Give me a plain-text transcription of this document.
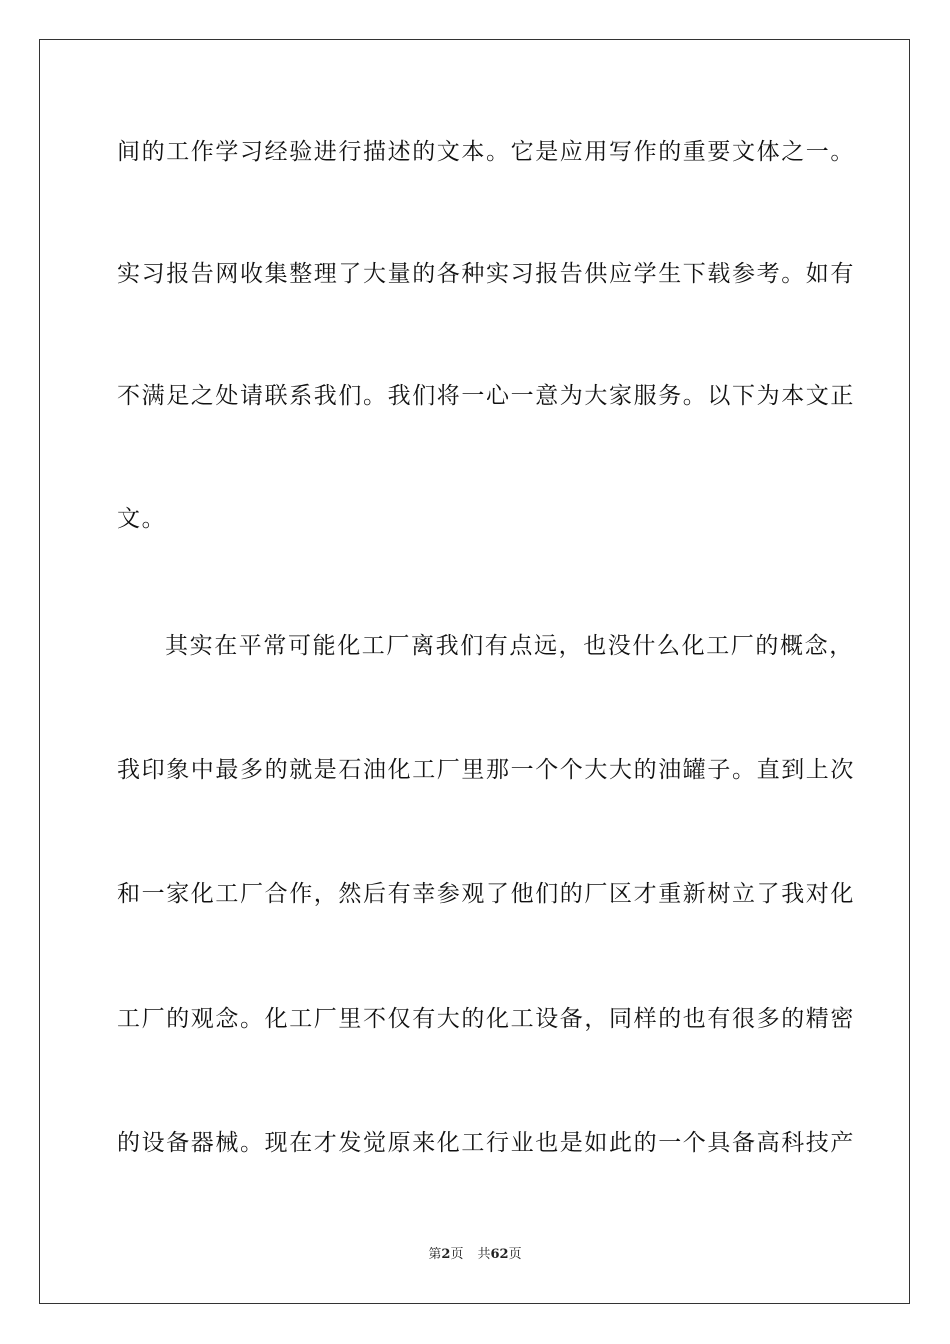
间的工作学习经验进行描述的文本。它是应用写作的重要文体之一。
实习报告网收集整理了大量的各种实习报告供应学生下载参考。如有
不满足之处请联系我们。我们将一心一意为大家服务。以下为本文正
文。
其实在平常可能化工厂离我们有点远，也没什么化工厂的概念，
我印象中最多的就是石油化工厂里那一个个大大的油罐子。直到上次
和一家化工厂合作，然后有幸参观了他们的厂区才重新树立了我对化
工厂的观念。化工厂里不仅有大的化工设备，同样的也有很多的精密
的设备器械。现在才发觉原来化工行业也是如此的一个具备高科技产
第2页 共62页
